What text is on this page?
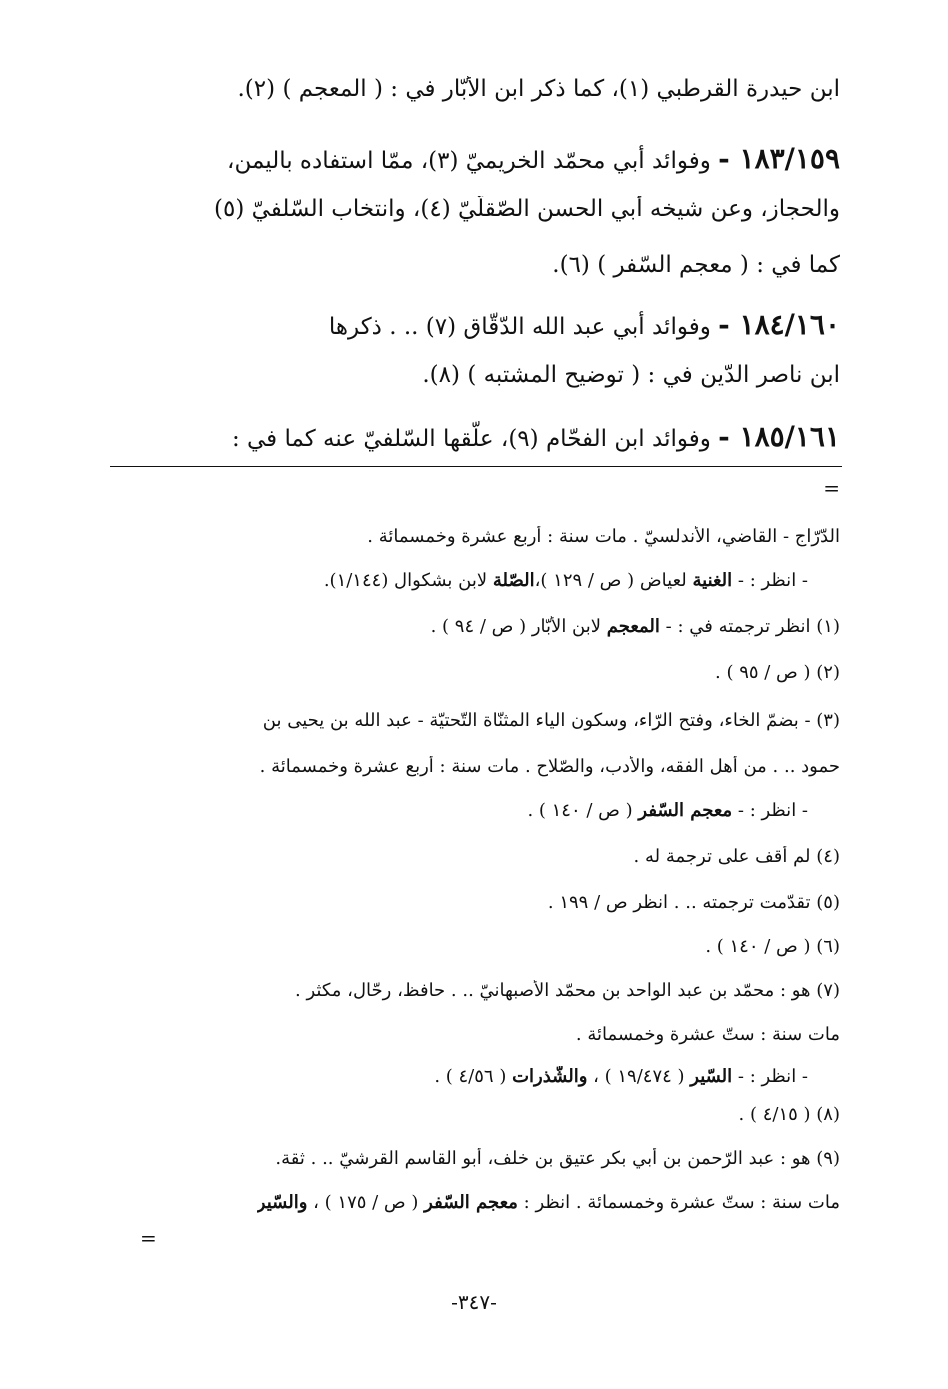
ابن حيدرة القرطبي (١)، كما ذكر ابن الأبّار في : ( المعجم ) (٢).
١٨٣/١٥٩ - وفوائد أبي محمّد الخريميّ (٣)، ممّا استفاده باليمن،
والحجاز، وعن شيخه أبي الحسن الصّقلّيّ (٤)، وانتخاب السّلفيّ (٥)
كما في : ( معجم السّفر ) (٦).
١٨٤/١٦٠ - وفوائد أبي عبد الله الدّقّاق (٧) .. . ذكرها
ابن ناصر الدّين في : ( توضيح المشتبه ) (٨).
١٨٥/١٦١ - وفوائد ابن الفحّام (٩)، علّقها السّلفيّ عنه كما في :
=
الدّرّاج - القاضي، الأندلسيّ . مات سنة : أربع عشرة وخمسمائة .
- انظر : - الغنية لعياض ( ص / ١٢٩ )،الصّلة لابن بشكوال (١/١٤٤).
(١) انظر ترجمته في : - المعجم لابن الأبّار ( ص / ٩٤ ) .
(٢) ( ص / ٩٥ ) .
(٣) - بضمّ الخاء، وفتح الرّاء، وسكون الياء المثنّاة التّحتيّة - عبد الله بن يحيى بن
حمود .. . من أهل الفقه، والأدب، والصّلاح . مات سنة : أربع عشرة وخمسمائة .
- انظر : - معجم السّفر ( ص / ١٤٠ ) .
(٤) لم أقف على ترجمة له .
(٥) تقدّمت ترجمته .. . انظر ص / ١٩٩ .
(٦) ( ص / ١٤٠ ) .
(٧) هو : محمّد بن عبد الواحد بن محمّد الأصبهانيّ .. . حافظ، رحّال، مكثر .
مات سنة : ستّ عشرة وخمسمائة .
- انظر : - السّير ( ١٩/٤٧٤ ) ، والشّذرات ( ٤/٥٦ ) .
(٨) ( ٤/١٥ ) .
(٩) هو : عبد الرّحمن بن أبي بكر عتيق بن خلف، أبو القاسم القرشيّ .. . ثقة.
مات سنة : ستّ عشرة وخمسمائة . انظر : معجم السّفر ( ص / ١٧٥ ) ، والسّير
=
-٣٤٧-
